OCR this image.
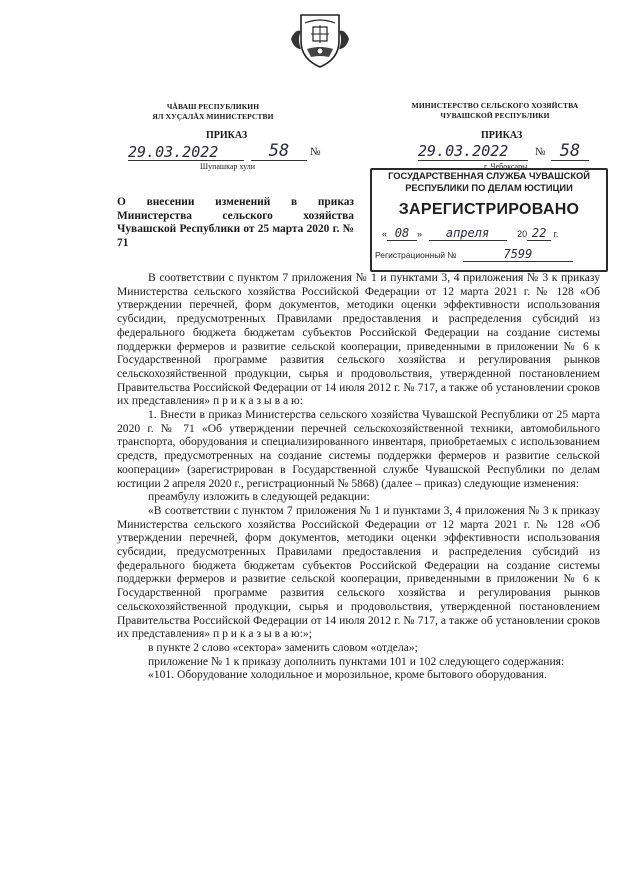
ЧĂВАШ РЕСПУБЛИКИН
ЯЛ ХУÇАЛĂХ МИНИСТЕРСТВИ
МИНИСТЕРСТВО СЕЛЬСКОГО ХОЗЯЙСТВА
ЧУВАШСКОЙ РЕСПУБЛИКИ
ПРИКАЗ
29.03.2022	58	№
Шупашкар хули
ПРИКАЗ
29.03.2022	№ 58
г. Чебоксары
ГОСУДАРСТВЕННАЯ СЛУЖБА ЧУВАШСКОЙ
РЕСПУБЛИКИ ПО ДЕЛАМ ЮСТИЦИИ
ЗАРЕГИСТРИРОВАНО
« 08 » апреля	20 22 г.
Регистрационный №	7599
О внесении изменений в приказ Министерства сельского хозяйства Чувашской Республики от 25 марта 2020 г. № 71

В соответствии с пунктом 7 приложения № 1 и пунктами 3, 4 приложения № 3 к приказу Министерства сельского хозяйства Российской Федерации от 12 марта 2021 г. № 128 «Об утверждении перечней, форм документов, методики оценки эффективности использования субсидии, предусмотренных Правилами предоставления и распределения субсидий из федерального бюджета бюджетам субъектов Российской Федерации на создание системы поддержки фермеров и развитие сельской кооперации, приведенными в приложении № 6 к Государственной программе развития сельского хозяйства и регулирования рынков сельскохозяйственной продукции, сырья и продовольствия, утвержденной постановлением Правительства Российской Федерации от 14 июля 2012 г. № 717, а также об установлении сроков их представления» п р и к а з ы в а ю:

1. Внести в приказ Министерства сельского хозяйства Чувашской Республики от 25 марта 2020 г. № 71 «Об утверждении перечней сельскохозяйственной техники, автомобильного транспорта, оборудования и специализированного инвентаря, приобретаемых с использованием средств, предусмотренных на создание системы поддержки фермеров и развитие сельской кооперации» (зарегистрирован в Государственной службе Чувашской Республики по делам юстиции 2 апреля 2020 г., регистрационный № 5868) (далее – приказ) следующие изменения:

преамбулу изложить в следующей редакции:

«В соответствии с пунктом 7 приложения № 1 и пунктами 3, 4 приложения № 3 к приказу Министерства сельского хозяйства Российской Федерации от 12 марта 2021 г. № 128 «Об утверждении перечней, форм документов, методики оценки эффективности использования субсидии, предусмотренных Правилами предоставления и распределения субсидий из федерального бюджета бюджетам субъектов Российской Федерации на создание системы поддержки фермеров и развитие сельской кооперации, приведенными в приложении № 6 к Государственной программе развития сельского хозяйства и регулирования рынков сельскохозяйственной продукции, сырья и продовольствия, утвержденной постановлением Правительства Российской Федерации от 14 июля 2012 г. № 717, а также об установлении сроков их представления» п р и к а з ы в а ю:»;

в пункте 2 слово «сектора» заменить словом «отдела»;

приложение № 1 к приказу дополнить пунктами 101 и 102 следующего содержания:

«101. Оборудование холодильное и морозильное, кроме бытового оборудования.
